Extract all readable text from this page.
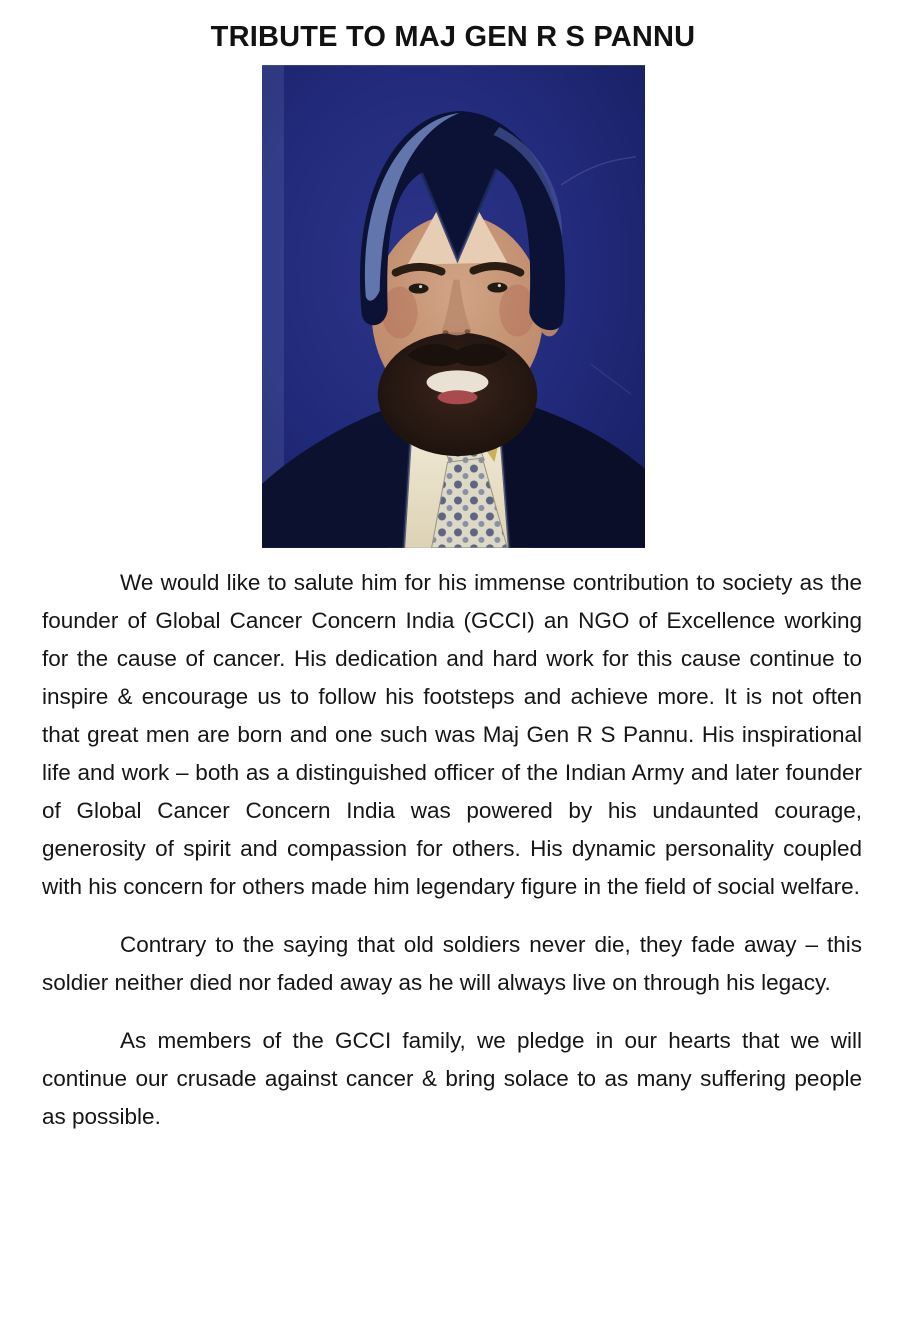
TRIBUTE TO MAJ GEN R S PANNU

We would like to salute him for his immense contribution to society as the founder of Global Cancer Concern India (GCCI) an NGO of Excellence working for the cause of cancer. His dedication and hard work for this cause continue to inspire & encourage us to follow his footsteps and achieve more. It is not often that great men are born and one such was Maj Gen R S Pannu. His inspirational life and work – both as a distinguished officer of the Indian Army and later founder of Global Cancer Concern India was powered by his undaunted courage, generosity of spirit and compassion for others. His dynamic personality coupled with his concern for others made him legendary figure in the field of social welfare.

Contrary to the saying that old soldiers never die, they fade away – this soldier neither died nor faded away as he will always live on through his legacy.

As members of the GCCI family, we pledge in our hearts that we will continue our crusade against cancer & bring solace to as many suffering people as possible.
